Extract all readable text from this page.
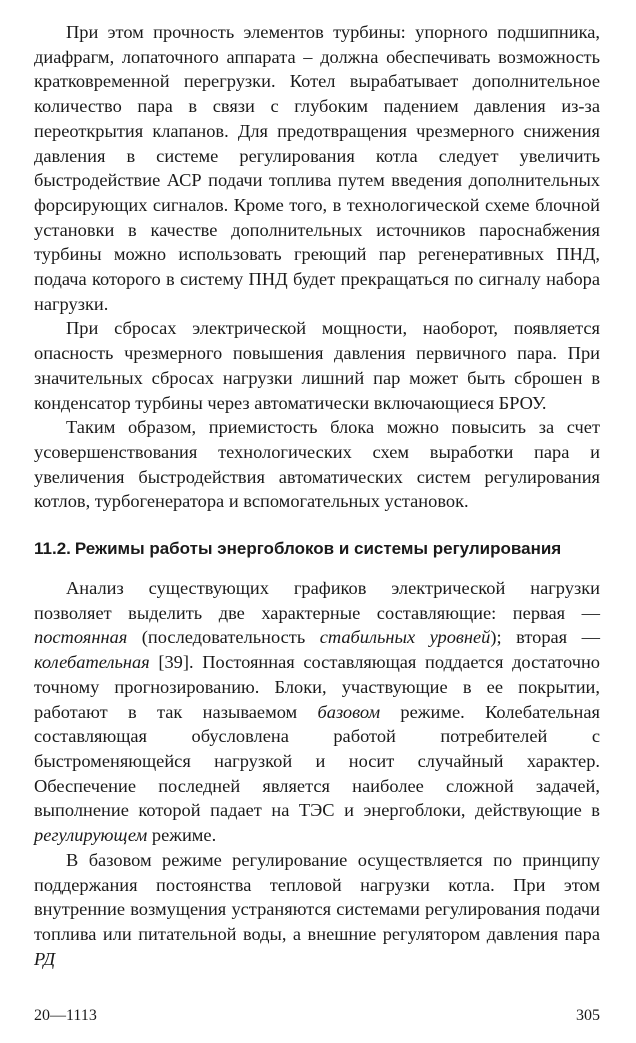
При этом прочность элементов турбины: упорного подшипника, диафрагм, лопаточного аппарата – должна обеспечивать возможность кратковременной перегрузки. Котел вырабатывает дополнительное количество пара в связи с глубоким падением давления из-за переоткрытия клапанов. Для предотвращения чрезмерного снижения давления в системе регулирования котла следует увеличить быстродействие АСР подачи топлива путем введения дополнительных форсирующих сигналов. Кроме того, в технологической схеме блочной установки в качестве дополнительных источников пароснабжения турбины можно использовать греющий пар регенеративных ПНД, подача которого в систему ПНД будет прекращаться по сигналу набора нагрузки.

При сбросах электрической мощности, наоборот, появляется опасность чрезмерного повышения давления первичного пара. При значительных сбросах нагрузки лишний пар может быть сброшен в конденсатор турбины через автоматически включающиеся БРОУ.

Таким образом, приемистость блока можно повысить за счет усовершенствования технологических схем выработки пара и увеличения быстродействия автоматических систем регулирования котлов, турбогенератора и вспомогательных установок.

11.2. Режимы работы энергоблоков и системы регулирования

Анализ существующих графиков электрической нагрузки позволяет выделить две характерные составляющие: первая — постоянная (последовательность стабильных уровней); вторая — колебательная [39]. Постоянная составляющая поддается достаточно точному прогнозированию. Блоки, участвующие в ее покрытии, работают в так называемом базовом режиме. Колебательная составляющая обусловлена работой потребителей с быстроменяющейся нагрузкой и носит случайный характер. Обеспечение последней является наиболее сложной задачей, выполнение которой падает на ТЭС и энергоблоки, действующие в регулирующем режиме.

В базовом режиме регулирование осуществляется по принципу поддержания постоянства тепловой нагрузки котла. При этом внутренние возмущения устраняются системами регулирования подачи топлива или питательной воды, а внешние регулятором давления пара РД

20—1113	305
